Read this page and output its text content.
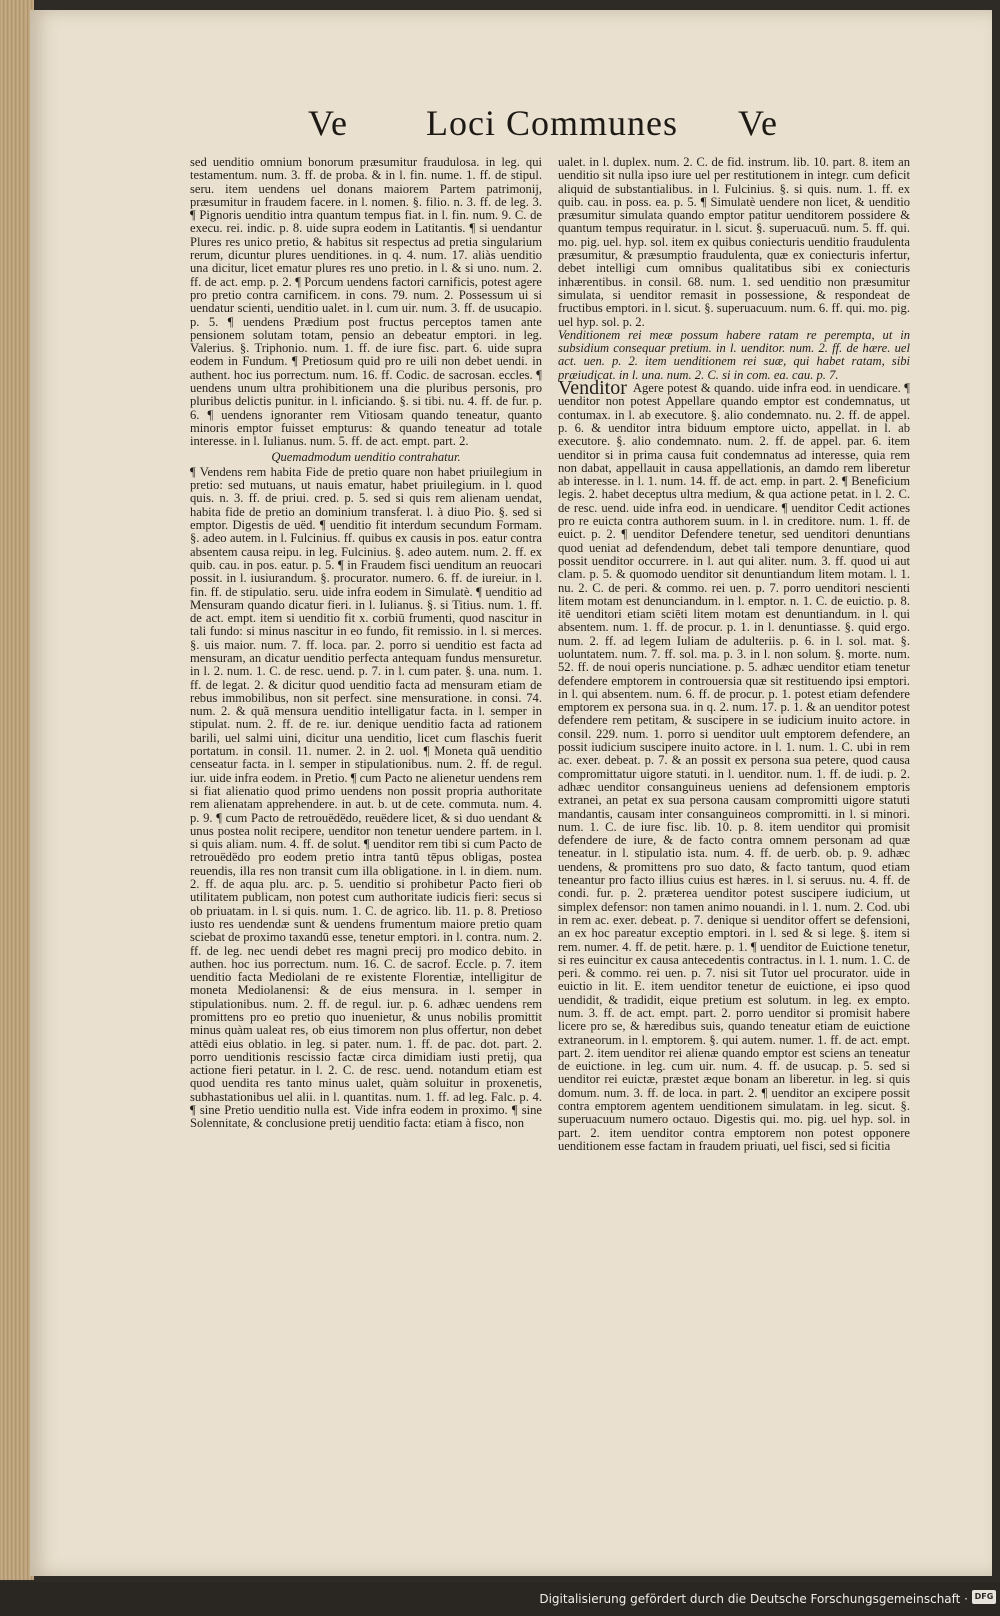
Ve Loci Communes Ve

sed uenditio omnium bonorum præsumitur fraudulosa. in leg. qui testamentum. num. 3. ff. de proba. & in l. fin. nume. 1. ff. de stipul. seru. item uendens uel donans maiorem Partem patrimonij, præsumitur in fraudem facere. in l. nomen. §. filio. n. 3. ff. de leg. 3. ¶ Pignoris uenditio intra quantum tempus fiat. in l. fin. num. 9. C. de execu. rei. indic. p. 8. uide supra eodem in Latitantis. ¶ si uendantur Plures res unico pretio, & habitus sit respectus ad pretia singularium rerum, dicuntur plures uenditiones. in q. 4. num. 17. aliàs uenditio una dicitur, licet ematur plures res uno pretio. in l. & si uno. num. 2. ff. de act. emp. p. 2. ¶ Porcum uendens factori carnificis, potest agere pro pretio contra carnificem. in cons. 79. num. 2. Possessum ui si uendatur scienti, uenditio ualet. in l. cum uir. num. 3. ff. de usucapio. p. 5. ¶ uendens Prædium post fructus perceptos tamen ante pensionem solutam totam, pensio an debeatur emptori. in leg. Valerius. §. Triphonio. num. 1. ff. de iure fisc. part. 6. uide supra eodem in Fundum. ¶ Pretiosum quid pro re uili non debet uendi. in authent. hoc ius porrectum. num. 16. ff. Codic. de sacrosan. eccles. ¶ uendens unum ultra prohibitionem una die pluribus personis, pro pluribus delictis punitur. in l. inficiando. §. si tibi. nu. 4. ff. de fur. p. 6. ¶ uendens ignoranter rem Vitiosam quando teneatur, quanto minoris emptor fuisset empturus: & quando teneatur ad totale interesse. in l. Iulianus. num. 5. ff. de act. empt. part. 2.

Quemadmodum uenditio contrahatur.

¶ Vendens rem habita Fide de pretio quare non habet priuilegium in pretio: sed mutuans, ut nauis ematur, habet priuilegium. in l. quod quis. n. 3. ff. de priui. cred. p. 5. sed si quis rem alienam uendat, habita fide de pretio an dominium transferat. l. à diuo Pio. §. sed si emptor. Digestis de uëd. ¶ uenditio fit interdum secundum Formam. §. adeo autem. in l. Fulcinius. ff. quibus ex causis in pos. eatur contra absentem causa reipu. in leg. Fulcinius. §. adeo autem. num. 2. ff. ex quib. cau. in pos. eatur. p. 5. ¶ in Fraudem fisci uenditum an reuocari possit. in l. iusiurandum. §. procurator. numero. 6. ff. de iureiur. in l. fin. ff. de stipulatio. seru. uide infra eodem in Simulatè. ¶ uenditio ad Mensuram quando dicatur fieri. in l. Iulianus. §. si Titius. num. 1. ff. de act. empt. item si uenditio fit x. corbiū frumenti, quod nascitur in tali fundo: si minus nascitur in eo fundo, fit remissio. in l. si merces. §. uis maior. num. 7. ff. loca. par. 2. porro si uenditio est facta ad mensuram, an dicatur uenditio perfecta antequam fundus mensuretur. in l. 2. num. 1. C. de resc. uend. p. 7. in l. cum pater. §. una. num. 1. ff. de legat. 2. & dicitur quod uenditio facta ad mensuram etiam de rebus immobilibus, non sit perfect. sine mensuratione. in consi. 74. num. 2. & quã mensura uenditio intelligatur facta. in l. semper in stipulat. num. 2. ff. de re. iur. denique uenditio facta ad rationem barili, uel salmi uini, dicitur una uenditio, licet cum flaschis fuerit portatum. in consil. 11. numer. 2. in 2. uol. ¶ Moneta quã uenditio censeatur facta. in l. semper in stipulationibus. num. 2. ff. de regul. iur. uide infra eodem. in Pretio. ¶ cum Pacto ne alienetur uendens rem si fiat alienatio quod primo uendens non possit propria authoritate rem alienatam apprehendere. in aut. b. ut de cete. commuta. num. 4. p. 9. ¶ cum Pacto de retrouëdëdo, reuëdere licet, & si duo uendant & unus postea nolit recipere, uenditor non tenetur uendere partem. in l. si quis aliam. num. 4. ff. de solut. ¶ uenditor rem tibi si cum Pacto de retrouëdëdo pro eodem pretio intra tantū tēpus obligas, postea reuendis, illa res non transit cum illa obligatione. in l. in diem. num. 2. ff. de aqua plu. arc. p. 5. uenditio si prohibetur Pacto fieri ob utilitatem publicam, non potest cum authoritate iudicis fieri: secus si ob priuatam. in l. si quis. num. 1. C. de agrico. lib. 11. p. 8. Pretioso iusto res uendendæ sunt & uendens frumentum maiore pretio quam sciebat de proximo taxandū esse, tenetur emptori. in l. contra. num. 2. ff. de leg. nec uendi debet res magni precij pro modico debito. in authen. hoc ius porrectum. num. 16. C. de sacrof. Eccle. p. 7. item uenditio facta Mediolani de re existente Florentiæ, intelligitur de moneta Mediolanensi: & de eius mensura. in l. semper in stipulationibus. num. 2. ff. de regul. iur. p. 6. adhæc uendens rem promittens pro eo pretio quo inuenietur, & unus nobilis promittit minus quàm ualeat res, ob eius timorem non plus offertur, non debet attēdi eius oblatio. in leg. si pater. num. 1. ff. de pac. dot. part. 2. porro uenditionis rescissio factæ circa dimidiam iusti pretij, qua actione fieri petatur. in l. 2. C. de resc. uend. notandum etiam est quod uendita res tanto minus ualet, quàm soluitur in proxenetis, subhastationibus uel alii. in l. quantitas. num. 1. ff. ad leg. Falc. p. 4. ¶ sine Pretio uenditio nulla est. Vide infra eodem in proximo. ¶ sine Solennitate, & conclusione pretij uenditio facta: etiam à fisco, non

ualet. in l. duplex. num. 2. C. de fid. instrum. lib. 10. part. 8. item an uenditio sit nulla ipso iure uel per restitutionem in integr. cum deficit aliquid de substantialibus. in l. Fulcinius. §. si quis. num. 1. ff. ex quib. cau. in poss. ea. p. 5. ¶ Simulatè uendere non licet, & uenditio præsumitur simulata quando emptor patitur uenditorem possidere & quantum tempus requiratur. in l. sicut. §. superuacuū. num. 5. ff. qui. mo. pig. uel. hyp. sol. item ex quibus coniecturis uenditio fraudulenta præsumitur, & præsumptio fraudulenta, quæ ex coniecturis infertur, debet intelligi cum omnibus qualitatibus sibi ex coniecturis inhærentibus. in consil. 68. num. 1. sed uenditio non præsumitur simulata, si uenditor remasit in possessione, & respondeat de fructibus emptori. in l. sicut. §. superuacuum. num. 6. ff. qui. mo. pig. uel hyp. sol. p. 2.

Venditionem rei meæ possum habere ratam re perempta, ut in subsidium consequar pretium. in l. uenditor. num. 2. ff. de hære. uel act. uen. p. 2. item uenditionem rei suæ, qui habet ratam, sibi præiudicat. in l. una. num. 2. C. si in com. ea. cau. p. 7.

Venditor Agere potest & quando. uide infra eod. in uendicare. ¶ uenditor non potest Appellare quando emptor est condemnatus, ut contumax. in l. ab executore. §. alio condemnato. nu. 2. ff. de appel. p. 6. & uenditor intra biduum emptore uicto, appellat. in l. ab executore. §. alio condemnato. num. 2. ff. de appel. par. 6. item uenditor si in prima causa fuit condemnatus ad interesse, quia rem non dabat, appellauit in causa appellationis, an damdo rem liberetur ab interesse. in l. 1. num. 14. ff. de act. emp. in part. 2. ¶ Beneficium legis. 2. habet deceptus ultra medium, & qua actione petat. in l. 2. C. de resc. uend. uide infra eod. in uendicare. ¶ uenditor Cedit actiones pro re euicta contra authorem suum. in l. in creditore. num. 1. ff. de euict. p. 2. ¶ uenditor Defendere tenetur, sed uenditori denuntians quod ueniat ad defendendum, debet tali tempore denuntiare, quod possit uenditor occurrere. in l. aut qui aliter. num. 3. ff. quod ui aut clam. p. 5. & quomodo uenditor sit denuntiandum litem motam. l. 1. nu. 2. C. de peri. & commo. rei uen. p. 7. porro uenditori nescienti litem motam est denunciandum. in l. emptor. n. 1. C. de euictio. p. 8. itē uenditori etiam sciēti litem motam est denuntiandum. in l. qui absentem. num. 1. ff. de procur. p. 1. in l. denuntiasse. §. quid ergo. num. 2. ff. ad legem Iuliam de adulteriis. p. 6. in l. sol. mat. §. uoluntatem. num. 7. ff. sol. ma. p. 3. in l. non solum. §. morte. num. 52. ff. de noui operis nunciatione. p. 5. adhæc uenditor etiam tenetur defendere emptorem in controuersia quæ sit restituendo ipsi emptori. in l. qui absentem. num. 6. ff. de procur. p. 1. potest etiam defendere emptorem ex persona sua. in q. 2. num. 17. p. 1. & an uenditor potest defendere rem petitam, & suscipere in se iudicium inuito actore. in consil. 229. num. 1. porro si uenditor uult emptorem defendere, an possit iudicium suscipere inuito actore. in l. 1. num. 1. C. ubi in rem ac. exer. debeat. p. 7. & an possit ex persona sua petere, quod causa compromittatur uigore statuti. in l. uenditor. num. 1. ff. de iudi. p. 2. adhæc uenditor consanguineus ueniens ad defensionem emptoris extranei, an petat ex sua persona causam compromitti uigore statuti mandantis, causam inter consanguineos compromitti. in l. si minori. num. 1. C. de iure fisc. lib. 10. p. 8. item uenditor qui promisit defendere de iure, & de facto contra omnem personam ad quæ teneatur. in l. stipulatio ista. num. 4. ff. de uerb. ob. p. 9. adhæc uendens, & promittens pro suo dato, & facto tantum, quod etiam teneantur pro facto illius cuius est hæres. in l. si seruus. nu. 4. ff. de condi. fur. p. 2. præterea uenditor potest suscipere iudicium, ut simplex defensor: non tamen animo nouandi. in l. 1. num. 2. Cod. ubi in rem ac. exer. debeat. p. 7. denique si uenditor offert se defensioni, an ex hoc pareatur exceptio emptori. in l. sed & si lege. §. item si rem. numer. 4. ff. de petit. hære. p. 1. ¶ uenditor de Euictione tenetur, si res euincitur ex causa antecedentis contractus. in l. 1. num. 1. C. de peri. & commo. rei uen. p. 7. nisi sit Tutor uel procurator. uide in euictio in lit. E. item uenditor tenetur de euictione, ei ipso quod uendidit, & tradidit, eique pretium est solutum. in leg. ex empto. num. 3. ff. de act. empt. part. 2. porro uenditor si promisit habere licere pro se, & hæredibus suis, quando teneatur etiam de euictione extraneorum. in l. emptorem. §. qui autem. numer. 1. ff. de act. empt. part. 2. item uenditor rei alienæ quando emptor est sciens an teneatur de euictione. in leg. cum uir. num. 4. ff. de usucap. p. 5. sed si uenditor rei euictæ, præstet æque bonam an liberetur. in leg. si quis domum. num. 3. ff. de loca. in part. 2. ¶ uenditor an excipere possit contra emptorem agentem uenditionem simulatam. in leg. sicut. §. superuacuum numero octauo. Digestis qui. mo. pig. uel hyp. sol. in part. 2. item uenditor contra emptorem non potest opponere uenditionem esse factam in fraudem priuati, uel fisci, sed si ficitia

Digitalisierung gefördert durch die Deutsche Forschungsgemeinschaft · DFG
